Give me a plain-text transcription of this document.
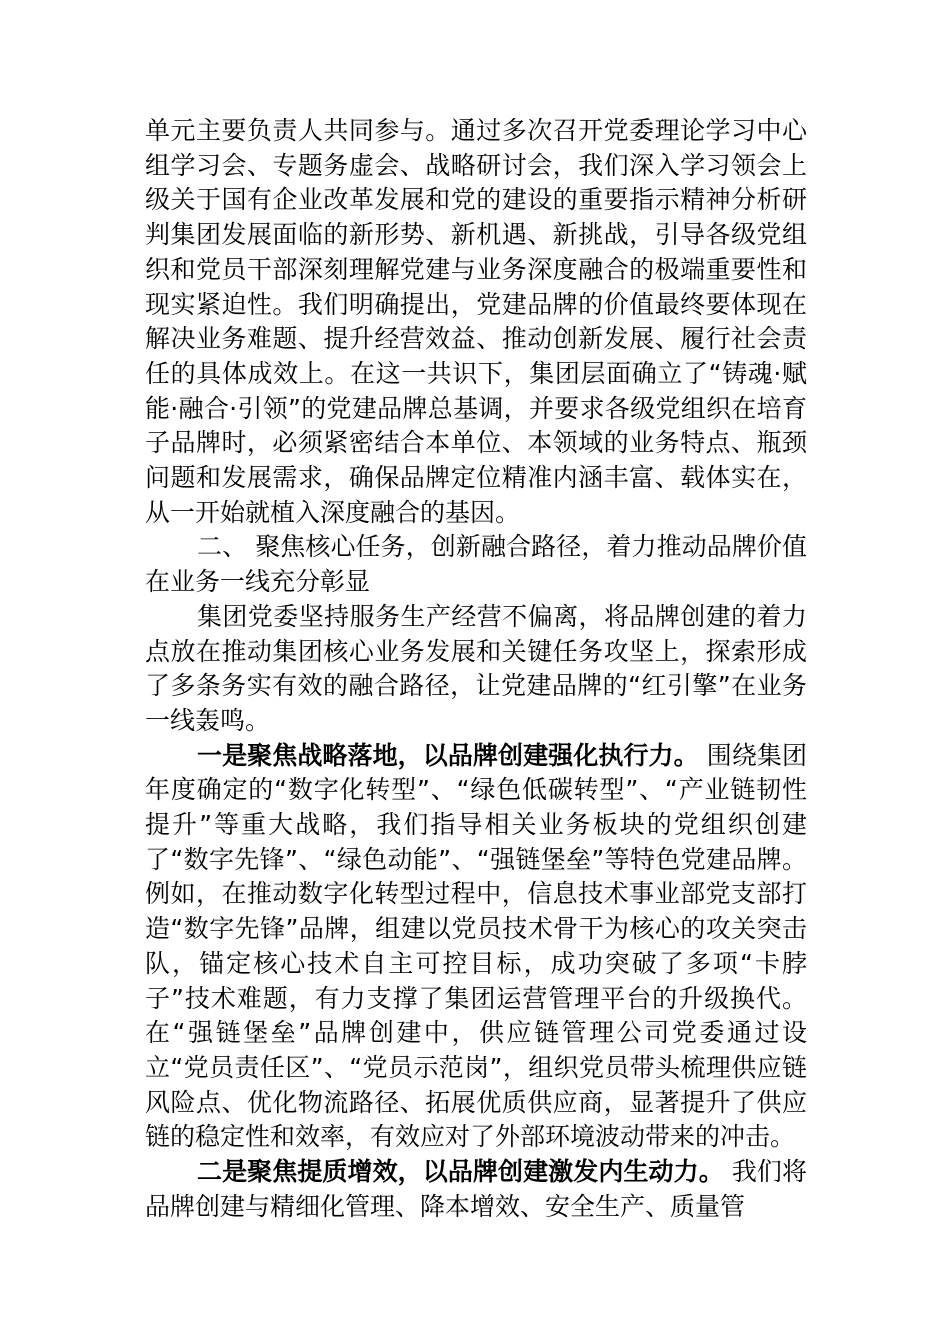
单元主要负责人共同参与。通过多次召开党委理论学习中心组学习会、专题务虚会、战略研讨会，我们深入学习领会上级关于国有企业改革发展和党的建设的重要指示精神分析研判集团发展面临的新形势、新机遇、新挑战，引导各级党组织和党员干部深刻理解党建与业务深度融合的极端重要性和现实紧迫性。我们明确提出，党建品牌的价值最终要体现在解决业务难题、提升经营效益、推动创新发展、履行社会责任的具体成效上。在这一共识下，集团层面确立了“铸魂·赋能·融合·引领”的党建品牌总基调，并要求各级党组织在培育子品牌时，必须紧密结合本单位、本领域的业务特点、瓶颈问题和发展需求，确保品牌定位精准内涵丰富、载体实在，从一开始就植入深度融合的基因。

二、 聚焦核心任务，创新融合路径，着力推动品牌价值在业务一线充分彰显

集团党委坚持服务生产经营不偏离，将品牌创建的着力点放在推动集团核心业务发展和关键任务攻坚上，探索形成了多条务实有效的融合路径，让党建品牌的“红引擎”在业务一线轰鸣。

一是聚焦战略落地，以品牌创建强化执行力。 围绕集团年度确定的“数字化转型”、“绿色低碳转型”、“产业链韧性提升”等重大战略，我们指导相关业务板块的党组织创建了“数字先锋”、“绿色动能”、“强链堡垒”等特色党建品牌。例如，在推动数字化转型过程中，信息技术事业部党支部打造“数字先锋”品牌，组建以党员技术骨干为核心的攻关突击队，锚定核心技术自主可控目标，成功突破了多项“卡脖子”技术难题，有力支撑了集团运营管理平台的升级换代。在“强链堡垒”品牌创建中，供应链管理公司党委通过设立“党员责任区”、“党员示范岗”，组织党员带头梳理供应链风险点、优化物流路径、拓展优质供应商，显著提升了供应链的稳定性和效率，有效应对了外部环境波动带来的冲击。

二是聚焦提质增效，以品牌创建激发内生动力。 我们将品牌创建与精细化管理、降本增效、安全生产、质量管
